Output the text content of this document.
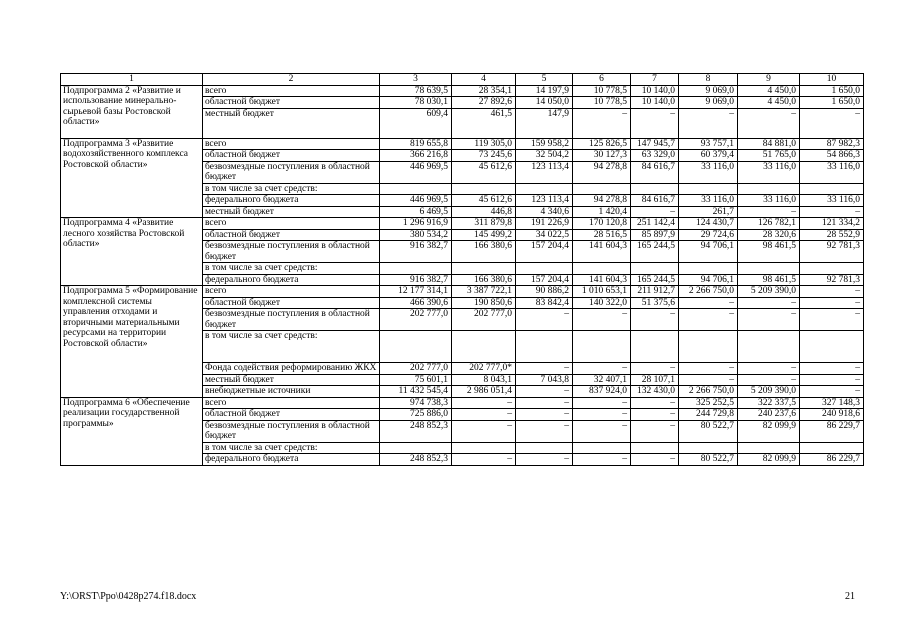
1	2	3	4	5	6	7	8	9	10
Подпрограмма 2 «Развитие и использование минерально-сырьевой базы Ростовской области»	всего	78 639,5	28 354,1	14 197,9	10 778,5	10 140,0	9 069,0	4 450,0	1 650,0
	областной бюджет	78 030,1	27 892,6	14 050,0	10 778,5	10 140,0	9 069,0	4 450,0	1 650,0
	местный бюджет	609,4	461,5	147,9	–	–	–	–	–
Подпрограмма 3 «Развитие водохозяйственного комплекса Ростовской области»	всего	819 655,8	119 305,0	159 958,2	125 826,5	147 945,7	93 757,1	84 881,0	87 982,3
	областной бюджет	366 216,8	73 245,6	32 504,2	30 127,3	63 329,0	60 379,4	51 765,0	54 866,3
	безвозмездные поступления в областной бюджет	446 969,5	45 612,6	123 113,4	94 278,8	84 616,7	33 116,0	33 116,0	33 116,0
	в том числе за счет средств:								
	федерального бюджета	446 969,5	45 612,6	123 113,4	94 278,8	84 616,7	33 116,0	33 116,0	33 116,0
	местный бюджет	6 469,5	446,8	4 340,6	1 420,4	–	261,7	–	–
Подпрограмма 4 «Развитие лесного хозяйства Ростовской области»	всего	1 296 916,9	311 879,8	191 226,9	170 120,8	251 142,4	124 430,7	126 782,1	121 334,2
	областной бюджет	380 534,2	145 499,2	34 022,5	28 516,5	85 897,9	29 724,6	28 320,6	28 552,9
	безвозмездные поступления в областной бюджет	916 382,7	166 380,6	157 204,4	141 604,3	165 244,5	94 706,1	98 461,5	92 781,3
	в том числе за счет средств:								
	федерального бюджета	916 382,7	166 380,6	157 204,4	141 604,3	165 244,5	94 706,1	98 461,5	92 781,3
Подпрограмма 5 «Формирование комплексной системы управления отходами и вторичными материальными ресурсами на территории Ростовской области»	всего	12 177 314,1	3 387 722,1	90 886,2	1 010 653,1	211 912,7	2 266 750,0	5 209 390,0	–
	областной бюджет	466 390,6	190 850,6	83 842,4	140 322,0	51 375,6	–	–	–
	безвозмездные поступления в областной бюджет	202 777,0	202 777,0	–	–	–	–	–	–
	в том числе за счет средств:								
	Фонда содействия реформированию ЖКХ	202 777,0	202 777,0*	–	–	–	–	–	–
	местный бюджет	75 601,1	8 043,1	7 043,8	32 407,1	28 107,1	–	–	–
	внебюджетные источники	11 432 545,4	2 986 051,4	–	837 924,0	132 430,0	2 266 750,0	5 209 390,0	–
Подпрограмма 6 «Обеспечение реализации государственной программы»	всего	974 738,3	–	–	–	–	325 252,5	322 337,5	327 148,3
	областной бюджет	725 886,0	–	–	–	–	244 729,8	240 237,6	240 918,6
	безвозмездные поступления в областной бюджет	248 852,3	–	–	–	–	80 522,7	82 099,9	86 229,7
	в том числе за счет средств:								
	федерального бюджета	248 852,3	–	–	–	–	80 522,7	82 099,9	86 229,7
Y:\ORST\Ppo\0428p274.f18.docx	21
